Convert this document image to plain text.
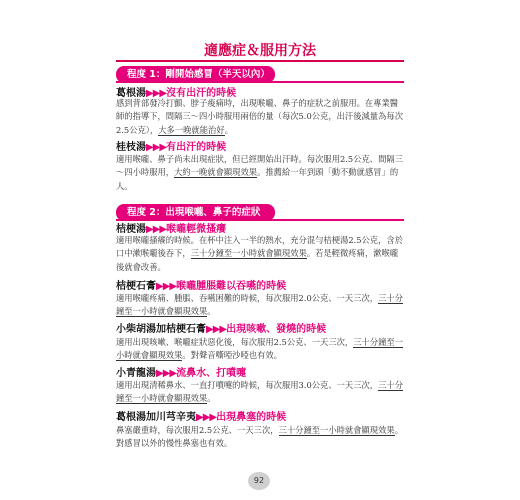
適應症＆服用方法
程度 1：剛開始感冒（半天以內）
葛根湯▶▶▶沒有出汗的時候

感到背部發冷打顫、脖子痠痛時，出現喉嚨、鼻子的症狀之前服用。在專業醫師的指導下，間隔三～四小時服用兩倍的量（每次5.0公克，出汗後減量為每次2.5公克），大多一晚就能治好。

桂枝湯▶▶▶有出汗的時候

適用喉嚨、鼻子尚未出現症狀，但已經開始出汗時。每次服用2.5公克、間隔三～四小時服用，大約一晚就會顯現效果。推薦給一年到頭「動不動就感冒」的人。

程度 2：出現喉嚨、鼻子的症狀
桔梗湯▶▶▶喉嚨輕微搔癢

適用喉嚨搔癢的時候。在杯中注入一半的熱水，充分混勻桔梗湯2.5公克，含於口中漱喉嚨後吞下，三十分鐘至一小時就會顯現效果。若是輕微疼痛，漱喉嚨後就會改善。

桔梗石膏▶▶▶喉嚨腫脹難以吞嚥的時候

適用喉嚨疼痛、腫脹、吞嚥困難的時候，每次服用2.0公克、一天三次，三十分鐘至一小時就會顯現效果。

小柴胡湯加桔梗石膏▶▶▶出現咳嗽、發燒的時候

適用出現咳嗽、喉嚨症狀惡化後，每次服用2.5公克、一天三次，三十分鐘至一小時就會顯現效果。對聲音嘶啞沙啞也有效。

小青龍湯▶▶▶流鼻水、打噴嚏

適用出現清稀鼻水、一直打噴嚏的時候，每次服用3.0公克、一天三次，三十分鐘至一小時就會顯現效果。

葛根湯加川芎辛夷▶▶▶出現鼻塞的時候

鼻塞嚴重時，每次服用2.5公克、一天三次，三十分鐘至一小時就會顯現效果。對感冒以外的慢性鼻塞也有效。

92
